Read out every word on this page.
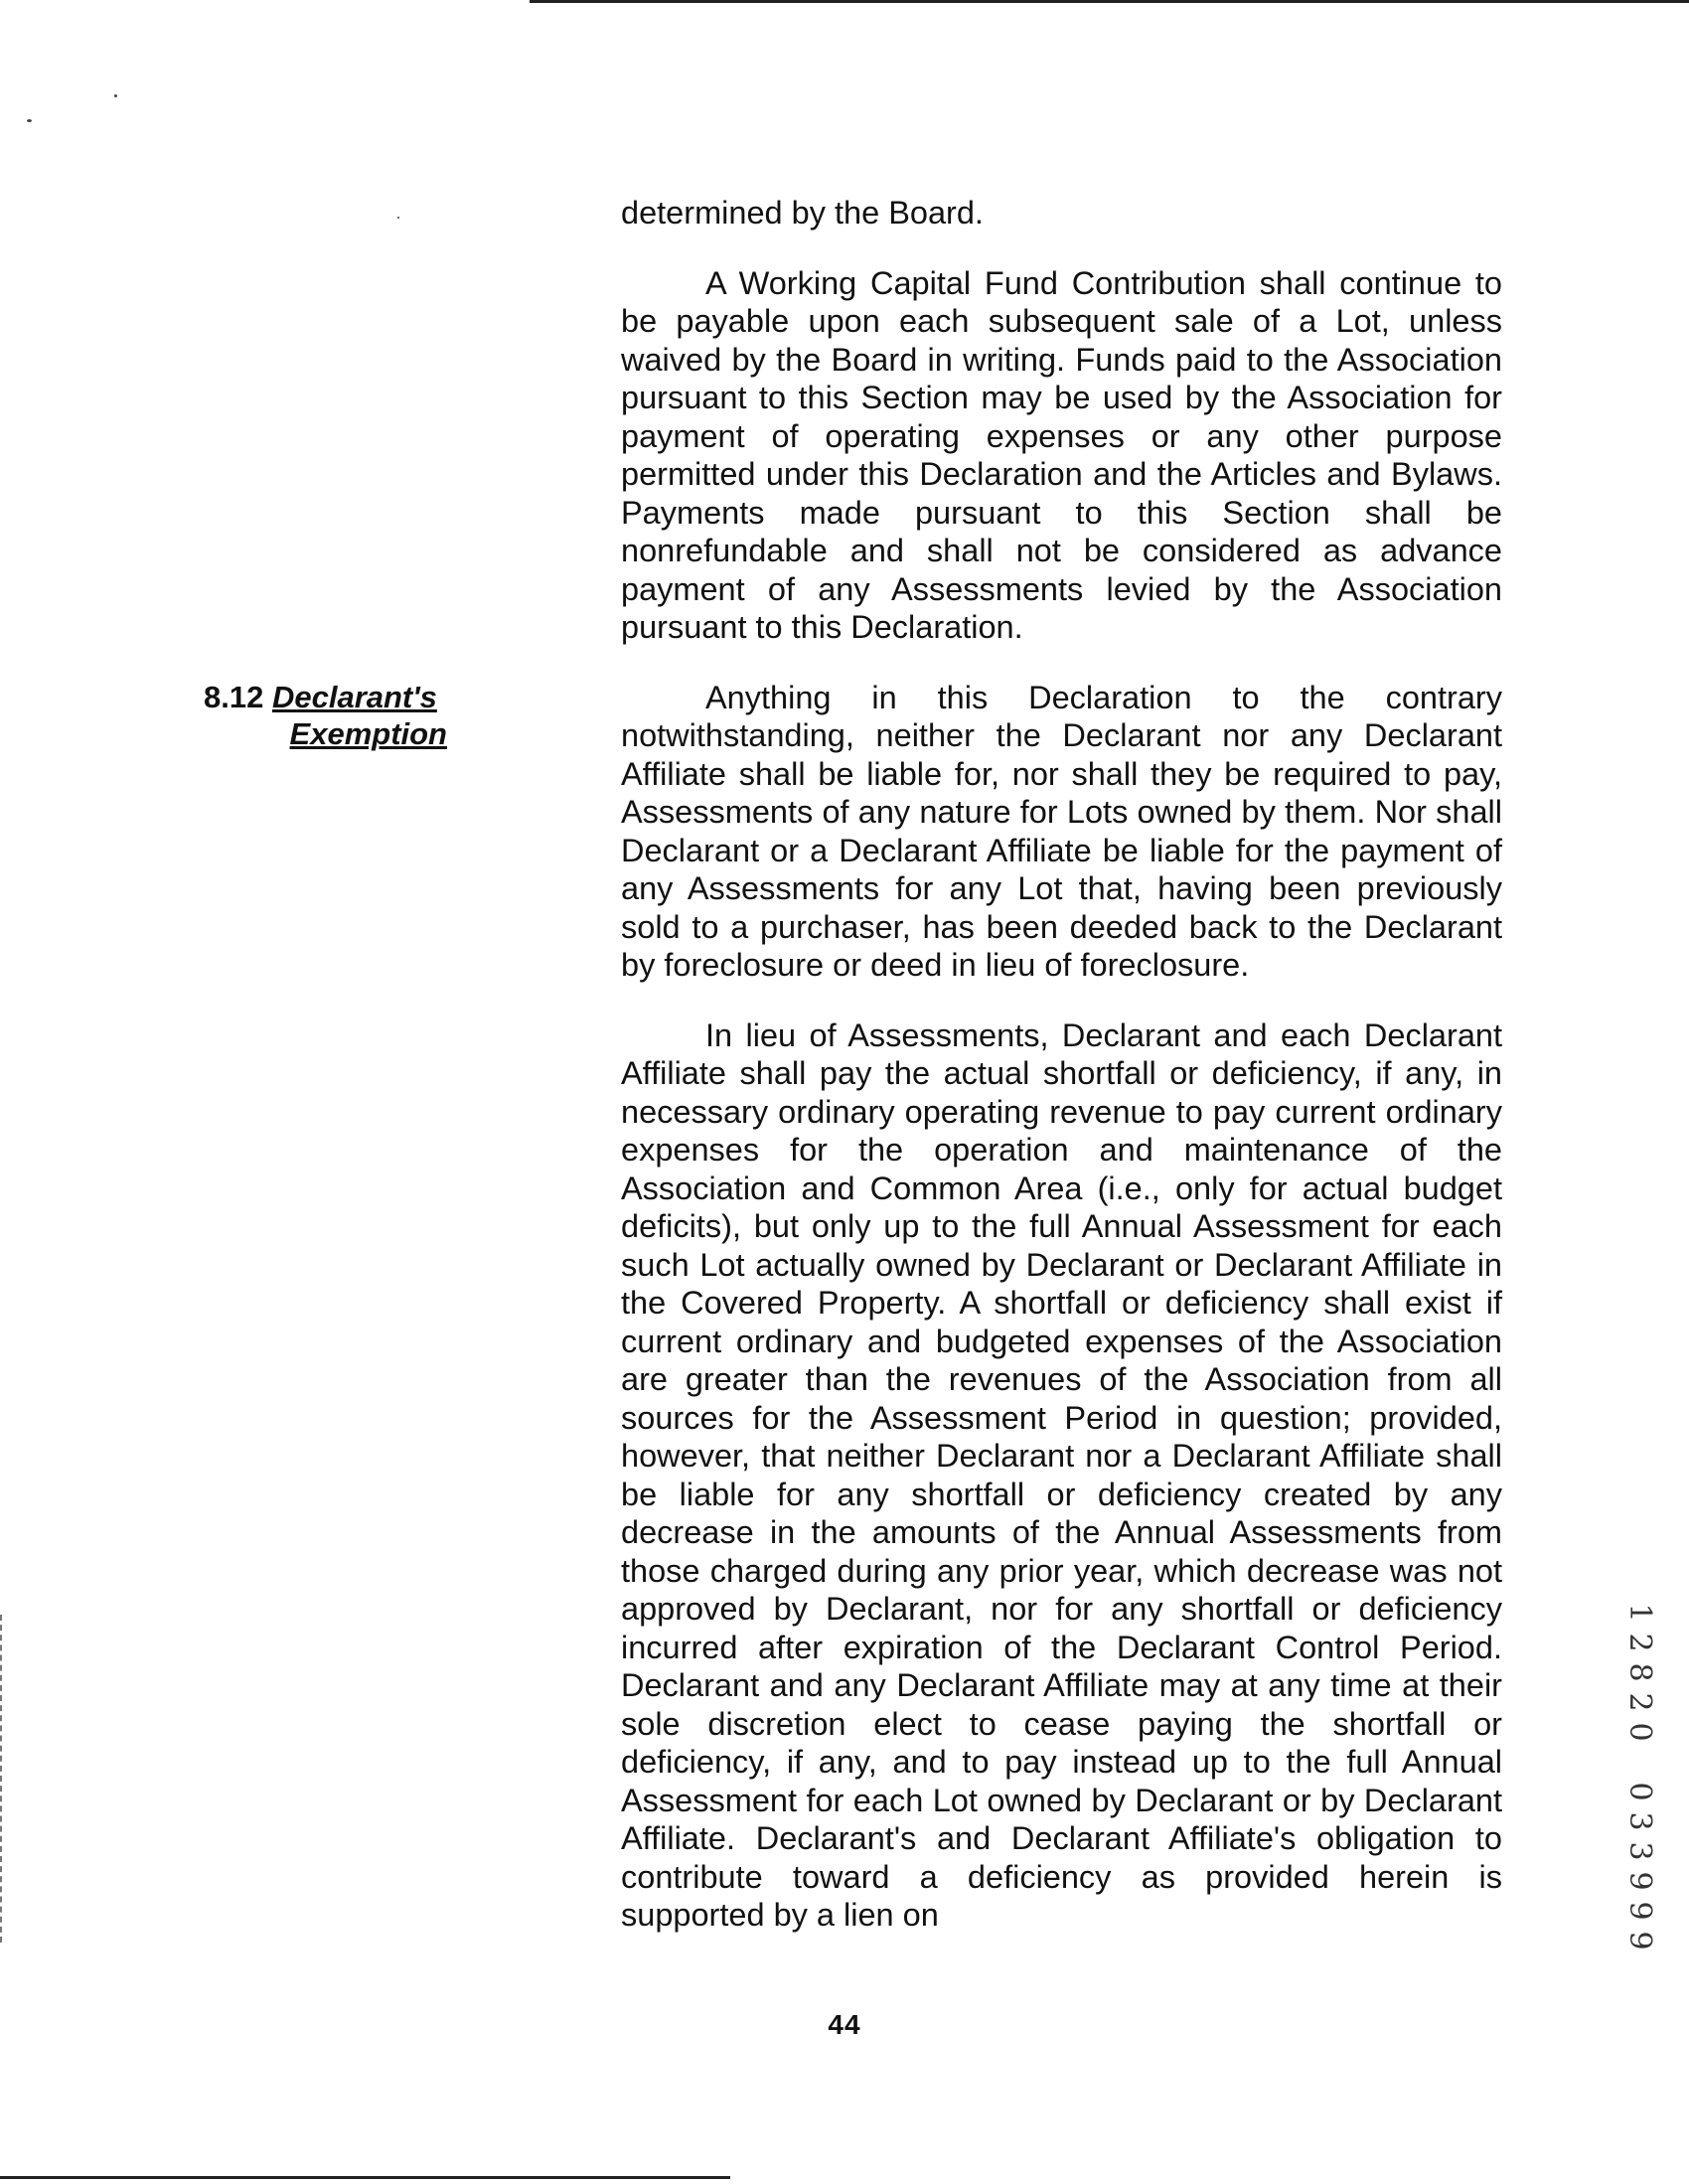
8.12 Declarant's
Exemption

determined by the Board.

A Working Capital Fund Contribution shall continue to be payable upon each subsequent sale of a Lot, unless waived by the Board in writing. Funds paid to the Association pursuant to this Section may be used by the Association for payment of operating expenses or any other purpose permitted under this Declaration and the Articles and Bylaws. Payments made pursuant to this Section shall be nonrefundable and shall not be considered as advance payment of any Assessments levied by the Association pursuant to this Declaration.

Anything in this Declaration to the contrary notwithstanding, neither the Declarant nor any Declarant Affiliate shall be liable for, nor shall they be required to pay, Assessments of any nature for Lots owned by them. Nor shall Declarant or a Declarant Affiliate be liable for the payment of any Assessments for any Lot that, having been previously sold to a purchaser, has been deeded back to the Declarant by foreclosure or deed in lieu of foreclosure.

In lieu of Assessments, Declarant and each Declarant Affiliate shall pay the actual shortfall or deficiency, if any, in necessary ordinary operating revenue to pay current ordinary expenses for the operation and maintenance of the Association and Common Area (i.e., only for actual budget deficits), but only up to the full Annual Assessment for each such Lot actually owned by Declarant or Declarant Affiliate in the Covered Property. A shortfall or deficiency shall exist if current ordinary and budgeted expenses of the Association are greater than the revenues of the Association from all sources for the Assessment Period in question; provided, however, that neither Declarant nor a Declarant Affiliate shall be liable for any shortfall or deficiency created by any decrease in the amounts of the Annual Assessments from those charged during any prior year, which decrease was not approved by Declarant, nor for any shortfall or deficiency incurred after expiration of the Declarant Control Period. Declarant and any Declarant Affiliate may at any time at their sole discretion elect to cease paying the shortfall or deficiency, if any, and to pay instead up to the full Annual Assessment for each Lot owned by Declarant or by Declarant Affiliate. Declarant's and Declarant Affiliate's obligation to contribute toward a deficiency as provided herein is supported by a lien on

44
1
2
8
2
0
0
3
3
9
9
9
